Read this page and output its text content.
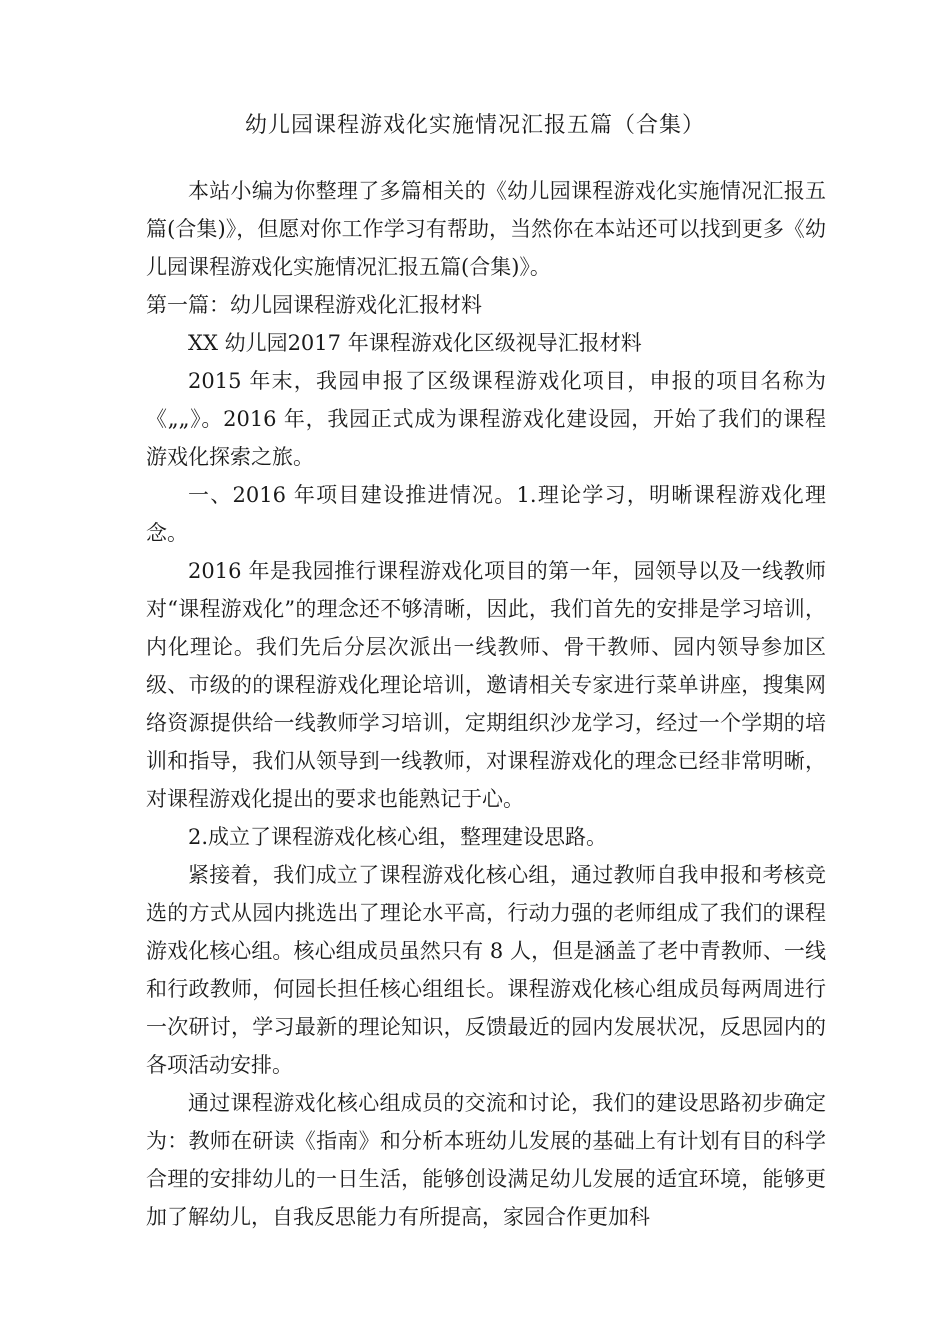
幼儿园课程游戏化实施情况汇报五篇（合集）

本站小编为你整理了多篇相关的《幼儿园课程游戏化实施情况汇报五篇(合集)》，但愿对你工作学习有帮助，当然你在本站还可以找到更多《幼儿园课程游戏化实施情况汇报五篇(合集)》。

第一篇：幼儿园课程游戏化汇报材料

XX 幼儿园2017 年课程游戏化区级视导汇报材料

2015 年末，我园申报了区级课程游戏化项目，申报的项目名称为《„„》。2016 年，我园正式成为课程游戏化建设园，开始了我们的课程游戏化探索之旅。

一、2016 年项目建设推进情况。1.理论学习，明晰课程游戏化理念。

2016 年是我园推行课程游戏化项目的第一年，园领导以及一线教师对“课程游戏化”的理念还不够清晰，因此，我们首先的安排是学习培训，内化理论。我们先后分层次派出一线教师、骨干教师、园内领导参加区级、市级的的课程游戏化理论培训，邀请相关专家进行菜单讲座，搜集网络资源提供给一线教师学习培训，定期组织沙龙学习，经过一个学期的培训和指导，我们从领导到一线教师，对课程游戏化的理念已经非常明晰，对课程游戏化提出的要求也能熟记于心。

2.成立了课程游戏化核心组，整理建设思路。

紧接着，我们成立了课程游戏化核心组，通过教师自我申报和考核竞选的方式从园内挑选出了理论水平高，行动力强的老师组成了我们的课程游戏化核心组。核心组成员虽然只有 8 人，但是涵盖了老中青教师、一线和行政教师，何园长担任核心组组长。课程游戏化核心组成员每两周进行一次研讨，学习最新的理论知识，反馈最近的园内发展状况，反思园内的各项活动安排。

通过课程游戏化核心组成员的交流和讨论，我们的建设思路初步确定为：教师在研读《指南》和分析本班幼儿发展的基础上有计划有目的科学合理的安排幼儿的一日生活，能够创设满足幼儿发展的适宜环境，能够更加了解幼儿，自我反思能力有所提高，家园合作更加科
